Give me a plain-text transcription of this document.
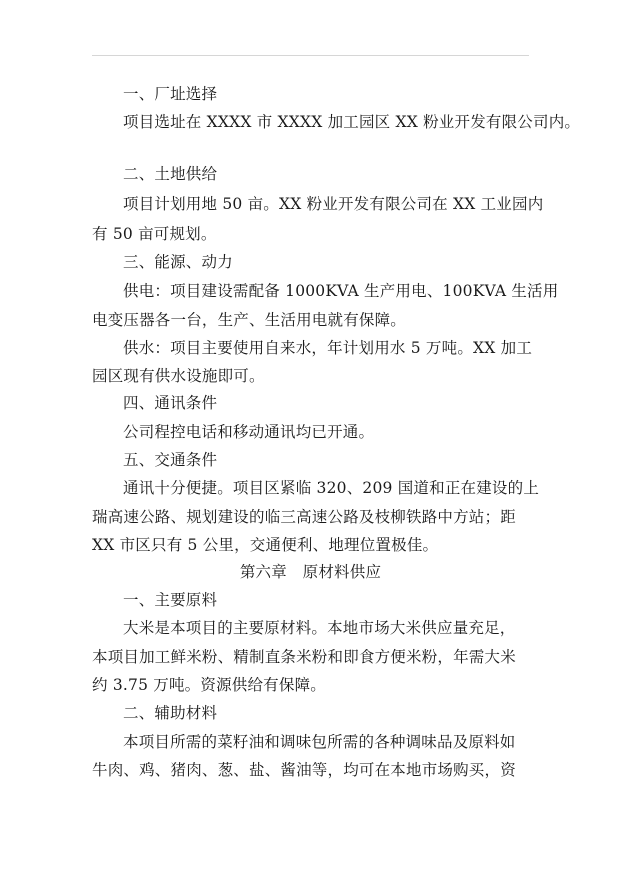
一、厂址选择
项目选址在 XXXX 市 XXXX 加工园区 XX 粉业开发有限公司内。
二、土地供给
项目计划用地 50 亩。XX 粉业开发有限公司在 XX 工业园内
有 50 亩可规划。
三、能源、动力
供电：项目建设需配备 1000KVA 生产用电、100KVA 生活用
电变压器各一台，生产、生活用电就有保障。
供水：项目主要使用自来水，年计划用水 5 万吨。XX 加工
园区现有供水设施即可。
四、通讯条件
公司程控电话和移动通讯均已开通。
五、交通条件
通讯十分便捷。项目区紧临 320、209 国道和正在建设的上
瑞高速公路、规划建设的临三高速公路及枝柳铁路中方站；距
XX 市区只有 5 公里，交通便利、地理位置极佳。
第六章　原材料供应
一、主要原料
大米是本项目的主要原材料。本地市场大米供应量充足，
本项目加工鲜米粉、精制直条米粉和即食方便米粉，年需大米
约 3.75 万吨。资源供给有保障。
二、辅助材料
本项目所需的菜籽油和调味包所需的各种调味品及原料如
牛肉、鸡、猪肉、葱、盐、酱油等，均可在本地市场购买，资
